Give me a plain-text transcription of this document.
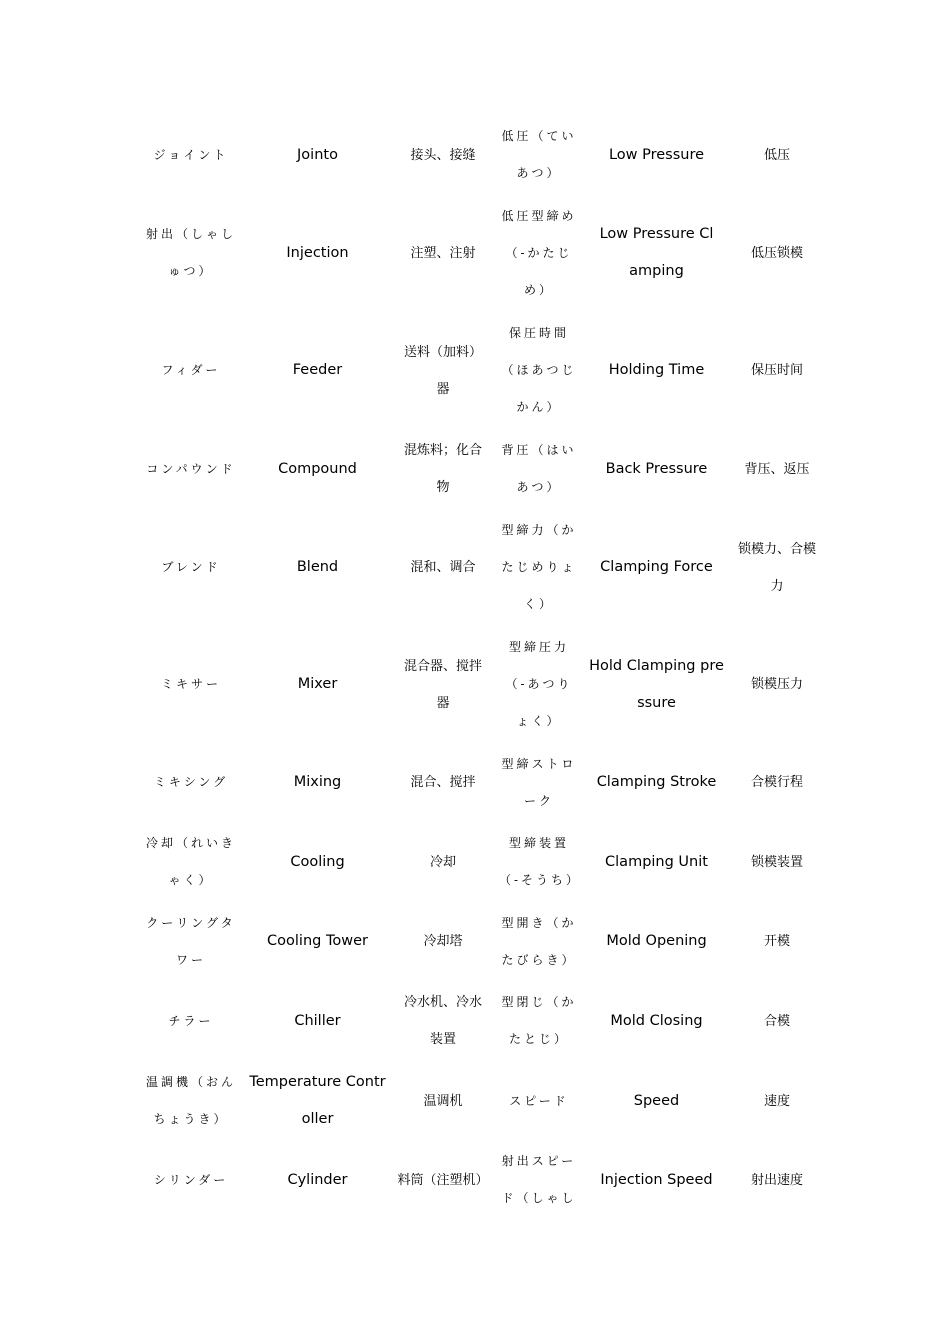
ジョイント	Jointo	接头、接缝	低圧（ていあつ）	Low Pressure	低压
射出（しゃしゅつ）	Injection	注塑、注射	低圧型締め（-かたじめ）	Low Pressure Clamping	低压锁模
フィダー	Feeder	送料（加料）器	保圧時間（ほあつじかん）	Holding Time	保压时间
コンパウンド	Compound	混炼料；化合物	背圧（はいあつ）	Back Pressure	背压、返压
ブレンド	Blend	混和、调合	型締力（かたじめりょく）	Clamping Force	锁模力、合模力
ミキサー	Mixer	混合器、搅拌器	型締圧力（-あつりょく）	Hold Clamping pressure	锁模压力
ミキシング	Mixing	混合、搅拌	型締ストローク	Clamping Stroke	合模行程
冷却（れいきゃく）	Cooling	冷却	型締装置（-そうち）	Clamping Unit	锁模装置
クーリングタワー	Cooling Tower	冷却塔	型開き（かたびらき）	Mold Opening	开模
チラー	Chiller	冷水机、冷水装置	型閉じ（かたとじ）	Mold Closing	合模
温調機（おんちょうき）	Temperature Controller	温调机	スピード	Speed	速度
シリンダー	Cylinder	料筒（注塑机）	射出スピード（しゃし	Injection Speed	射出速度
